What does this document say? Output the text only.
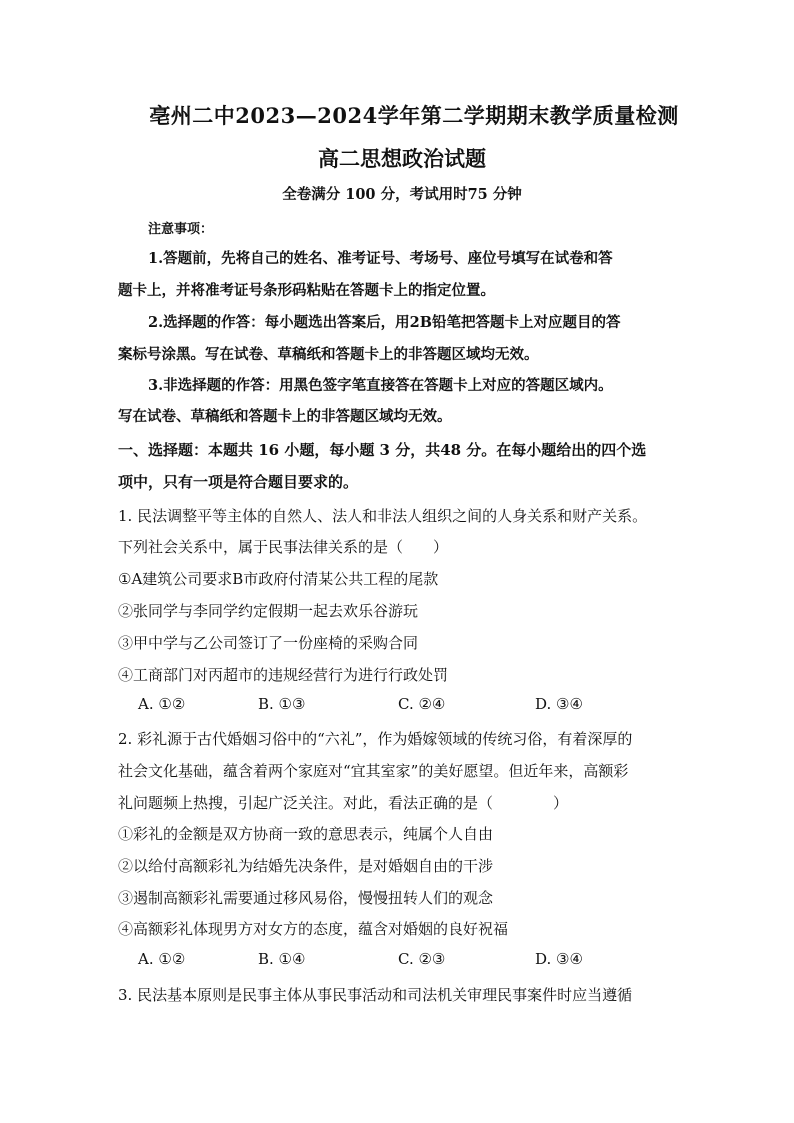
亳州二中2023—2024学年第二学期期末教学质量检测
高二思想政治试题
全卷满分 100 分，考试用时75 分钟
注意事项：
1.答题前，先将自己的姓名、准考证号、考场号、座位号填写在试卷和答
题卡上，并将准考证号条形码粘贴在答题卡上的指定位置。
2.选择题的作答：每小题选出答案后，用2B铅笔把答题卡上对应题目的答
案标号涂黑。写在试卷、草稿纸和答题卡上的非答题区域均无效。
3.非选择题的作答：用黑色签字笔直接答在答题卡上对应的答题区域内。
写在试卷、草稿纸和答题卡上的非答题区域均无效。
一、选择题：本题共 16 小题，每小题 3 分，共48 分。在每小题给出的四个选
项中，只有一项是符合题目要求的。
1. 民法调整平等主体的自然人、法人和非法人组织之间的人身关系和财产关系。
下列社会关系中，属于民事法律关系的是（　　）
①A建筑公司要求B市政府付清某公共工程的尾款
②张同学与李同学约定假期一起去欢乐谷游玩
③甲中学与乙公司签订了一份座椅的采购合同
④工商部门对丙超市的违规经营行为进行行政处罚
A. ①②	B. ①③	C. ②④	D. ③④
2. 彩礼源于古代婚姻习俗中的“六礼”，作为婚嫁领域的传统习俗，有着深厚的
社会文化基础，蕴含着两个家庭对“宜其室家”的美好愿望。但近年来，高额彩
礼问题频上热搜，引起广泛关注。对此，看法正确的是（　　　　）
①彩礼的金额是双方协商一致的意思表示，纯属个人自由
②以给付高额彩礼为结婚先决条件，是对婚姻自由的干涉
③遏制高额彩礼需要通过移风易俗，慢慢扭转人们的观念
④高额彩礼体现男方对女方的态度，蕴含对婚姻的良好祝福
A. ①②	B. ①④	C. ②③	D. ③④
3. 民法基本原则是民事主体从事民事活动和司法机关审理民事案件时应当遵循
